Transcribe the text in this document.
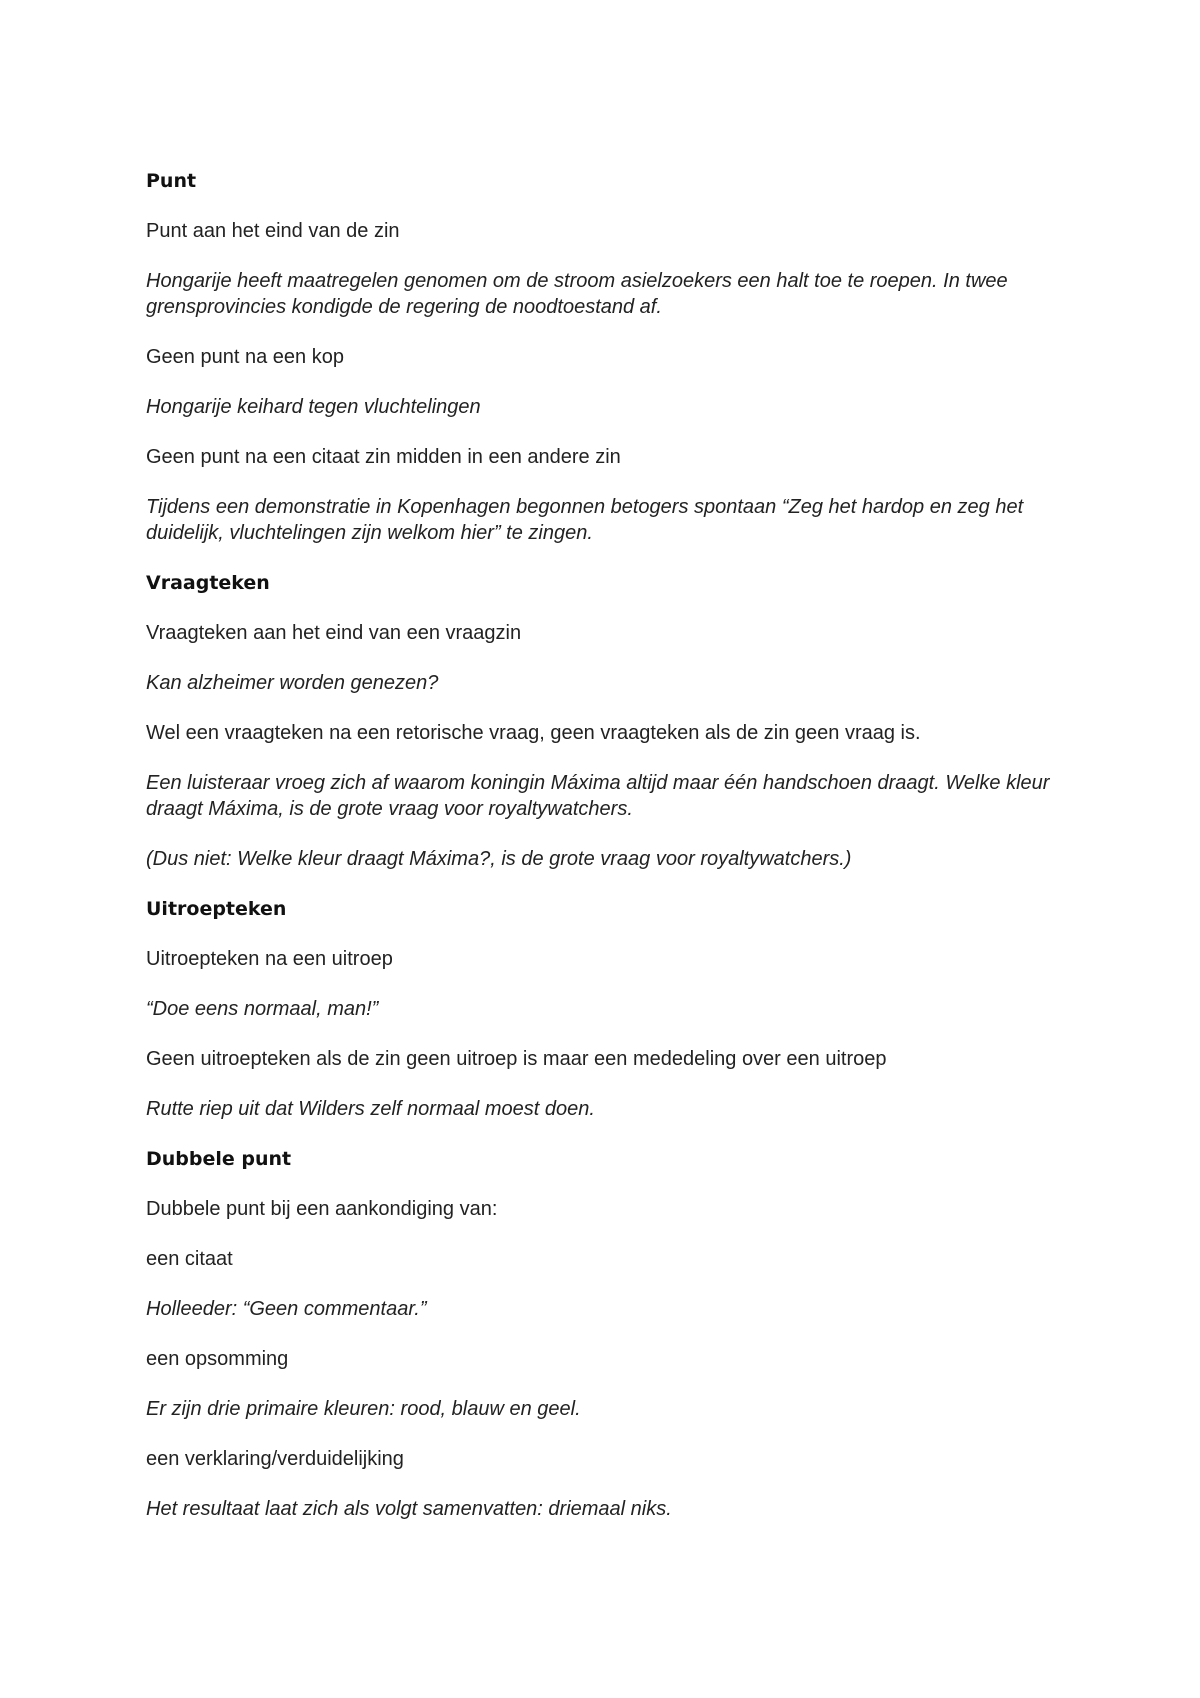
Punt

Punt aan het eind van de zin

Hongarije heeft maatregelen genomen om de stroom asielzoekers een halt toe te roepen. In twee grensprovincies kondigde de regering de noodtoestand af.

Geen punt na een kop

Hongarije keihard tegen vluchtelingen

Geen punt na een citaat zin midden in een andere zin

Tijdens een demonstratie in Kopenhagen begonnen betogers spontaan “Zeg het hardop en zeg het duidelijk, vluchtelingen zijn welkom hier” te zingen.

Vraagteken

Vraagteken aan het eind van een vraagzin

Kan alzheimer worden genezen?

Wel een vraagteken na een retorische vraag, geen vraagteken als de zin geen vraag is.

Een luisteraar vroeg zich af waarom koningin Máxima altijd maar één handschoen draagt. Welke kleur draagt Máxima, is de grote vraag voor royaltywatchers.

(Dus niet: Welke kleur draagt Máxima?, is de grote vraag voor royaltywatchers.)

Uitroepteken

Uitroepteken na een uitroep

“Doe eens normaal, man!”

Geen uitroepteken als de zin geen uitroep is maar een mededeling over een uitroep

Rutte riep uit dat Wilders zelf normaal moest doen.

Dubbele punt

Dubbele punt bij een aankondiging van:

een citaat

Holleeder: “Geen commentaar.”

een opsomming

Er zijn drie primaire kleuren: rood, blauw en geel.

een verklaring/verduidelijking

Het resultaat laat zich als volgt samenvatten: driemaal niks.
